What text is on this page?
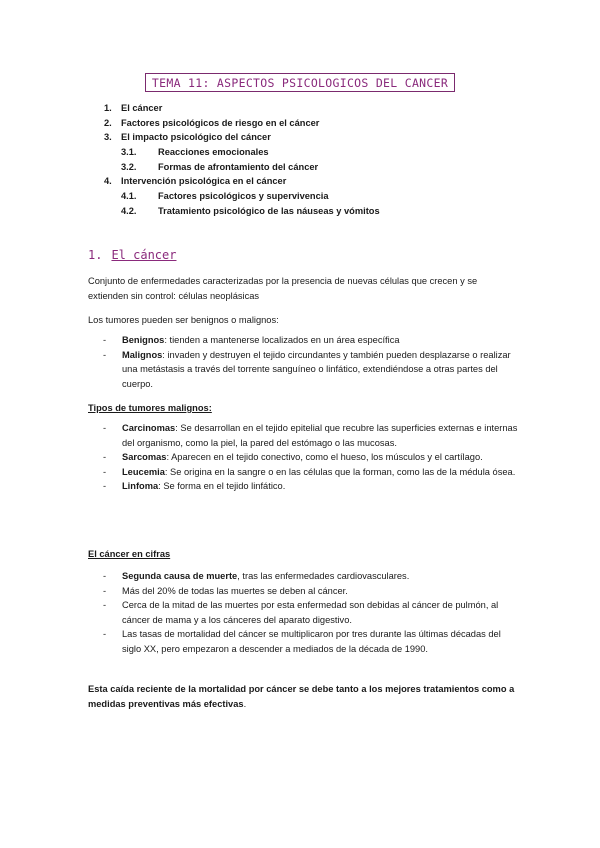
TEMA 11: ASPECTOS PSICOLOGICOS DEL CANCER
1. El cáncer
2. Factores psicológicos de riesgo en el cáncer
3. El impacto psicológico del cáncer
3.1. Reacciones emocionales
3.2. Formas de afrontamiento del cáncer
4. Intervención psicológica en el cáncer
4.1. Factores psicológicos y supervivencia
4.2. Tratamiento psicológico de las náuseas y vómitos
1. El cáncer
Conjunto de enfermedades caracterizadas por la presencia de nuevas células que crecen y se extienden sin control: células neoplásicas
Los tumores pueden ser benignos o malignos:
- Benignos: tienden a mantenerse localizados en un área específica
- Malignos: invaden y destruyen el tejido circundantes y también pueden desplazarse o realizar una metástasis a través del torrente sanguíneo o linfático, extendiéndose a otras partes del cuerpo.
Tipos de tumores malignos:
- Carcinomas: Se desarrollan en el tejido epitelial que recubre las superficies externas e internas del organismo, como la piel, la pared del estómago o las mucosas.
- Sarcomas: Aparecen en el tejido conectivo, como el hueso, los músculos y el cartílago.
- Leucemia: Se origina en la sangre o en las células que la forman, como las de la médula ósea.
- Linfoma: Se forma en el tejido linfático.
El cáncer en cifras
- Segunda causa de muerte, tras las enfermedades cardiovasculares.
- Más del 20% de todas las muertes se deben al cáncer.
- Cerca de la mitad de las muertes por esta enfermedad son debidas al cáncer de pulmón, al cáncer de mama y a los cánceres del aparato digestivo.
- Las tasas de mortalidad del cáncer se multiplicaron por tres durante las últimas décadas del siglo XX, pero empezaron a descender a mediados de la década de 1990.
Esta caída reciente de la mortalidad por cáncer se debe tanto a los mejores tratamientos como a medidas preventivas más efectivas.
